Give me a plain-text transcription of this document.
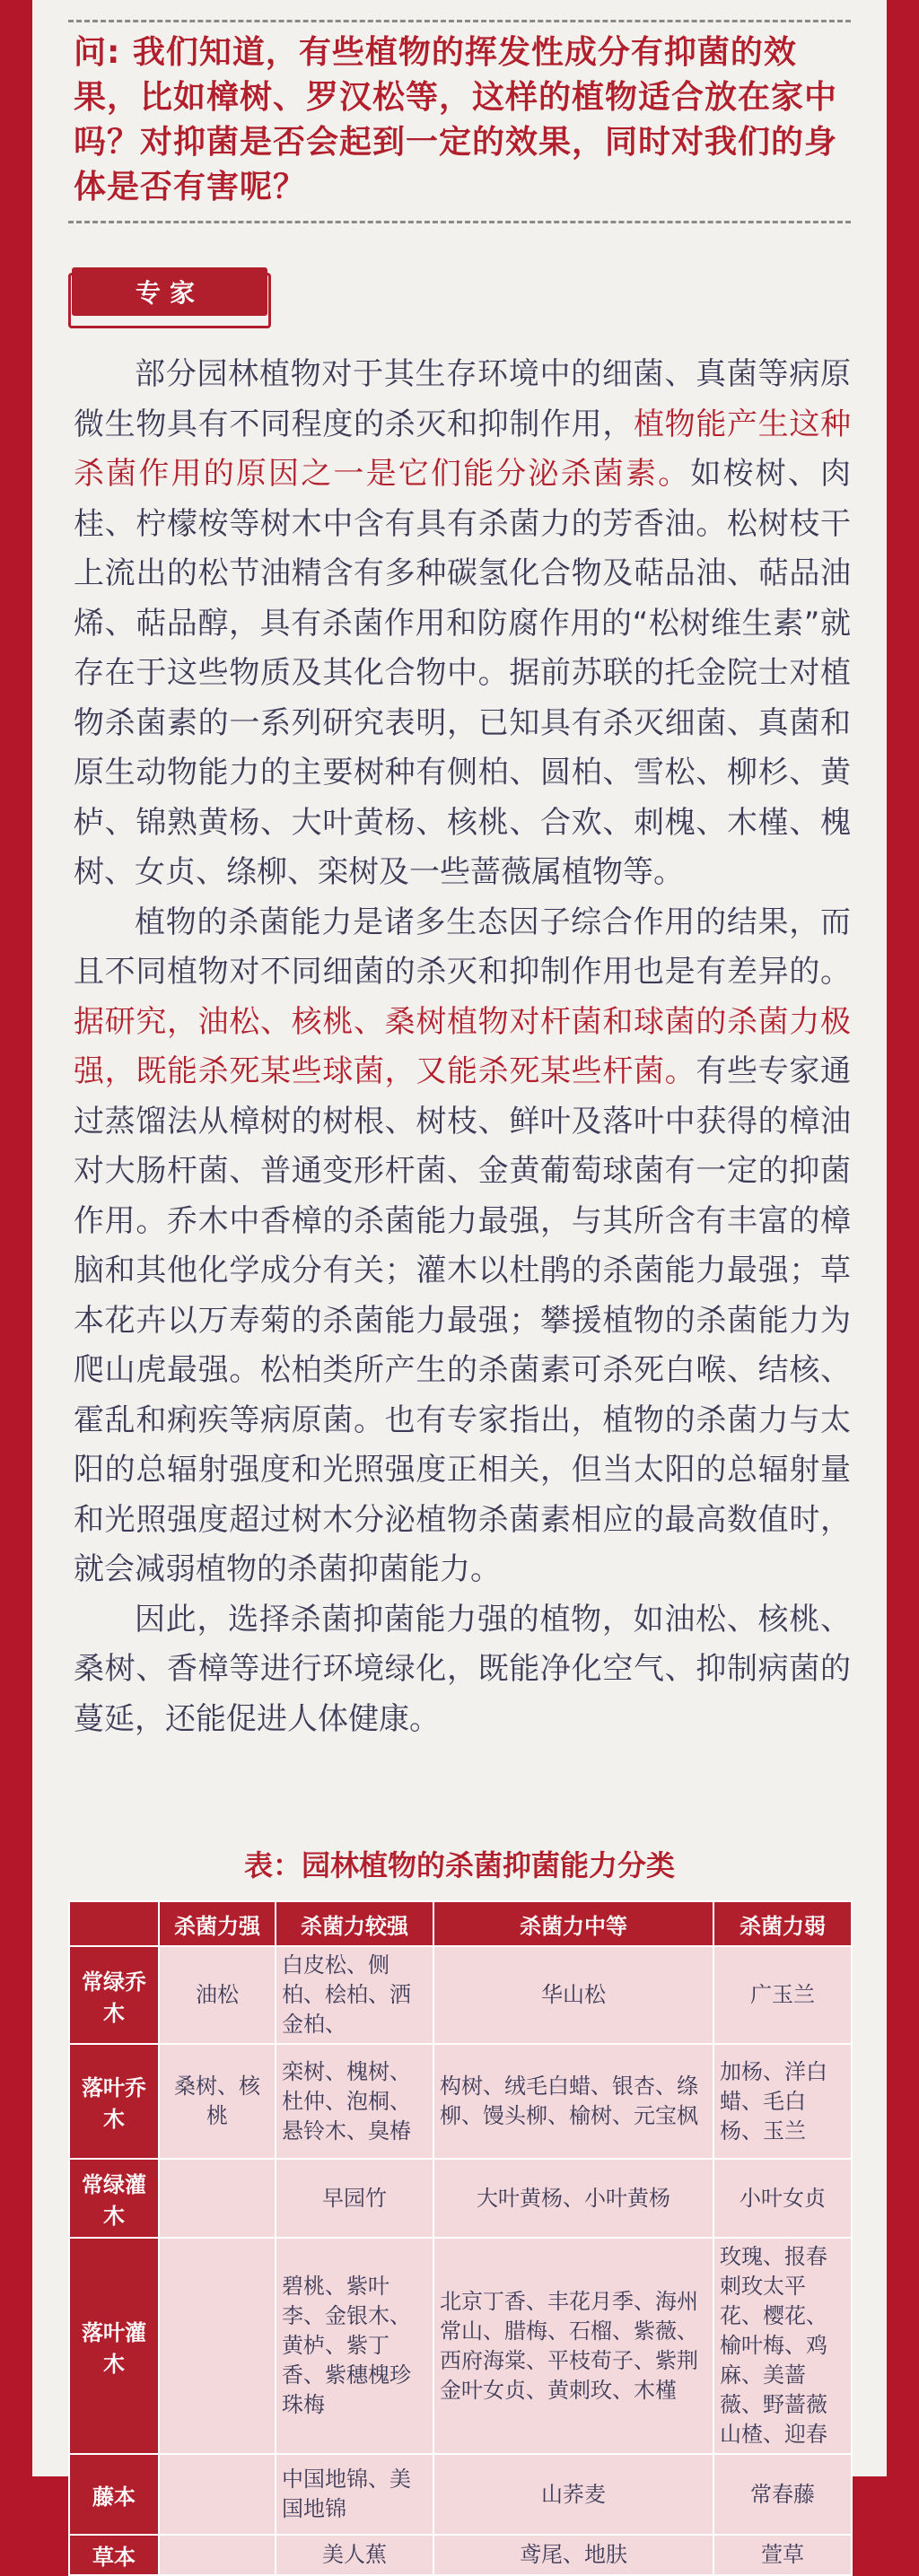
问: 我们知道，有些植物的挥发性成分有抑菌的效果，比如樟树、罗汉松等，这样的植物适合放在家中吗？对抑菌是否会起到一定的效果，同时对我们的身体是否有害呢？
专家

部分园林植物对于其生存环境中的细菌、真菌等病原微生物具有不同程度的杀灭和抑制作用，植物能产生这种杀菌作用的原因之一是它们能分泌杀菌素。如桉树、肉桂、柠檬桉等树木中含有具有杀菌力的芳香油。松树枝干上流出的松节油精含有多种碳氢化合物及萜品油、萜品油烯、萜品醇，具有杀菌作用和防腐作用的“松树维生素”就存在于这些物质及其化合物中。据前苏联的托金院士对植物杀菌素的一系列研究表明，已知具有杀灭细菌、真菌和原生动物能力的主要树种有侧柏、圆柏、雪松、柳杉、黄栌、锦熟黄杨、大叶黄杨、核桃、合欢、刺槐、木槿、槐树、女贞、绦柳、栾树及一些蔷薇属植物等。

植物的杀菌能力是诸多生态因子综合作用的结果，而且不同植物对不同细菌的杀灭和抑制作用也是有差异的。据研究，油松、核桃、桑树植物对杆菌和球菌的杀菌力极强，既能杀死某些球菌，又能杀死某些杆菌。有些专家通过蒸馏法从樟树的树根、树枝、鲜叶及落叶中获得的樟油对大肠杆菌、普通变形杆菌、金黄葡萄球菌有一定的抑菌作用。乔木中香樟的杀菌能力最强，与其所含有丰富的樟脑和其他化学成分有关；灌木以杜鹃的杀菌能力最强；草本花卉以万寿菊的杀菌能力最强；攀援植物的杀菌能力为爬山虎最强。松柏类所产生的杀菌素可杀死白喉、结核、霍乱和痢疾等病原菌。也有专家指出，植物的杀菌力与太阳的总辐射强度和光照强度正相关，但当太阳的总辐射量和光照强度超过树木分泌植物杀菌素相应的最高数值时，就会减弱植物的杀菌抑菌能力。

因此，选择杀菌抑菌能力强的植物，如油松、核桃、桑树、香樟等进行环境绿化，既能净化空气、抑制病菌的蔓延，还能促进人体健康。

表：园林植物的杀菌抑菌能力分类
	杀菌力强	杀菌力较强	杀菌力中等	杀菌力弱
常绿乔木	油松	白皮松、侧柏、桧柏、洒金柏、	华山松	广玉兰
落叶乔木	桑树、核桃	栾树、槐树、杜仲、泡桐、悬铃木、臭椿	构树、绒毛白蜡、银杏、绦柳、馒头柳、榆树、元宝枫	加杨、洋白蜡、毛白杨、玉兰
常绿灌木		早园竹	大叶黄杨、小叶黄杨	小叶女贞
落叶灌木		碧桃、紫叶李、金银木、黄栌、紫丁香、紫穗槐珍珠梅	北京丁香、丰花月季、海州常山、腊梅、石榴、紫薇、西府海棠、平枝荀子、紫荆金叶女贞、黄刺玫、木槿	玫瑰、报春刺玫太平花、樱花、榆叶梅、鸡麻、美蔷薇、野蔷薇山楂、迎春
藤本		中国地锦、美国地锦	山荞麦	常春藤
草本		美人蕉	鸢尾、地肤	萱草
